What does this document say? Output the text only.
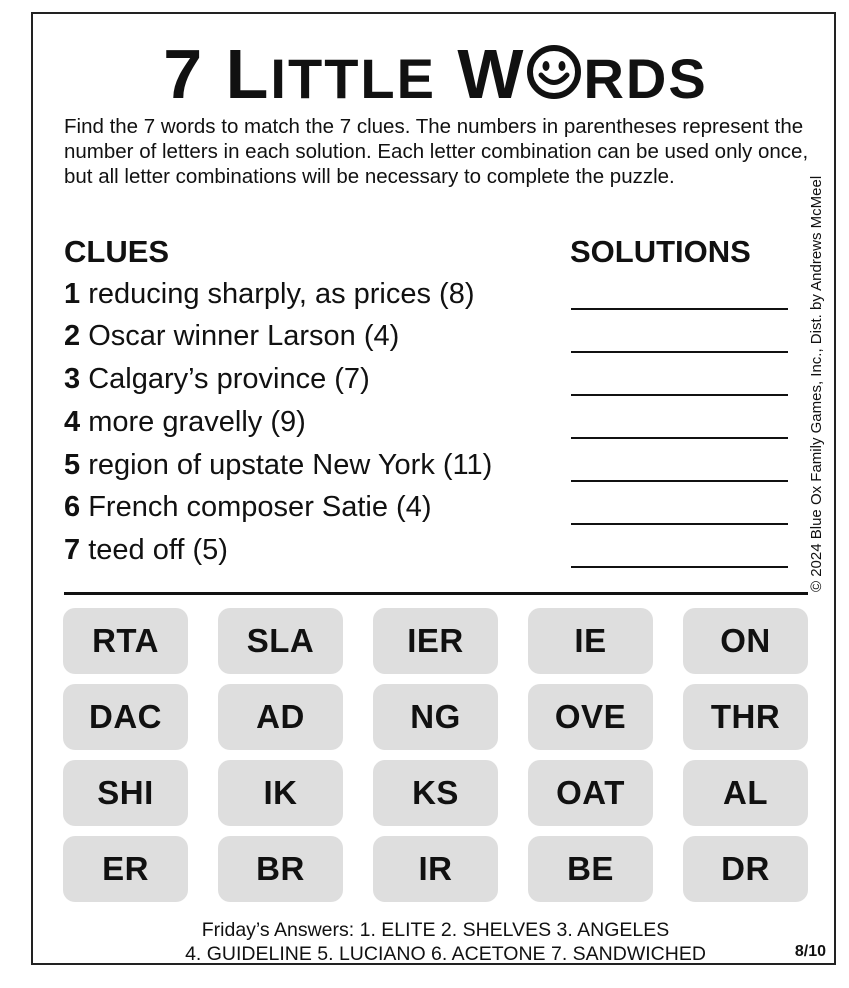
7 LITTLE W RDS
Find the 7 words to match the 7 clues. The numbers in parentheses represent the number of letters in each solution. Each letter combination can be used only once, but all letter combinations will be necessary to complete the puzzle.	© 2024 Blue Ox Family Games, Inc., Dist. by Andrews McMeel
CLUES	SOLUTIONS
1 reducing sharply, as prices (8)
2 Oscar winner Larson (4)
3 Calgary’s province (7)
4 more gravelly (9)
5 region of upstate New York (11)
6 French composer Satie (4)
7 teed off (5)
RTA	SLA	IER	IE	ON
DAC	AD	NG	OVE	THR
SHI	IK	KS	OAT	AL
ER	BR	IR	BE	DR
Friday’s Answers: 1. ELITE 2. SHELVES 3. ANGELES
4. GUIDELINE 5. LUCIANO 6. ACETONE 7. SANDWICHED	8/10
